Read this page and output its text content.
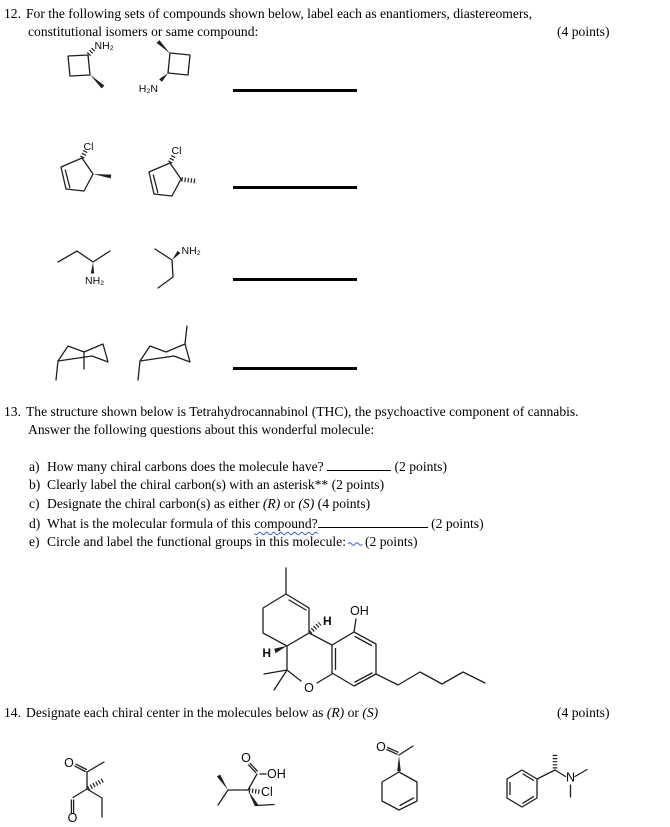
12. For the following sets of compounds shown below, label each as enantiomers, diastereomers,
constitutional isomers or same compound:	(4 points)
NH₂
H₂N
Cl	Cl
NH₂
NH₂
13. The structure shown below is Tetrahydrocannabinol (THC), the psychoactive component of cannabis.
Answer the following questions about this wonderful molecule:
a) How many chiral carbons does the molecule have?	(2 points)
b) Clearly label the chiral carbon(s) with an asterisk** (2 points)
c) Designate the chiral carbon(s) as either (R) or (S) (4 points)
d) What is the molecular formula of this compound?	(2 points)
e) Circle and label the functional groups in this molecule: (2 points)
H
H
O
OH
14. Designate each chiral center in the molecules below as (R) or (S)	(4 points)
O
O
O
OH
Cl
O
N
